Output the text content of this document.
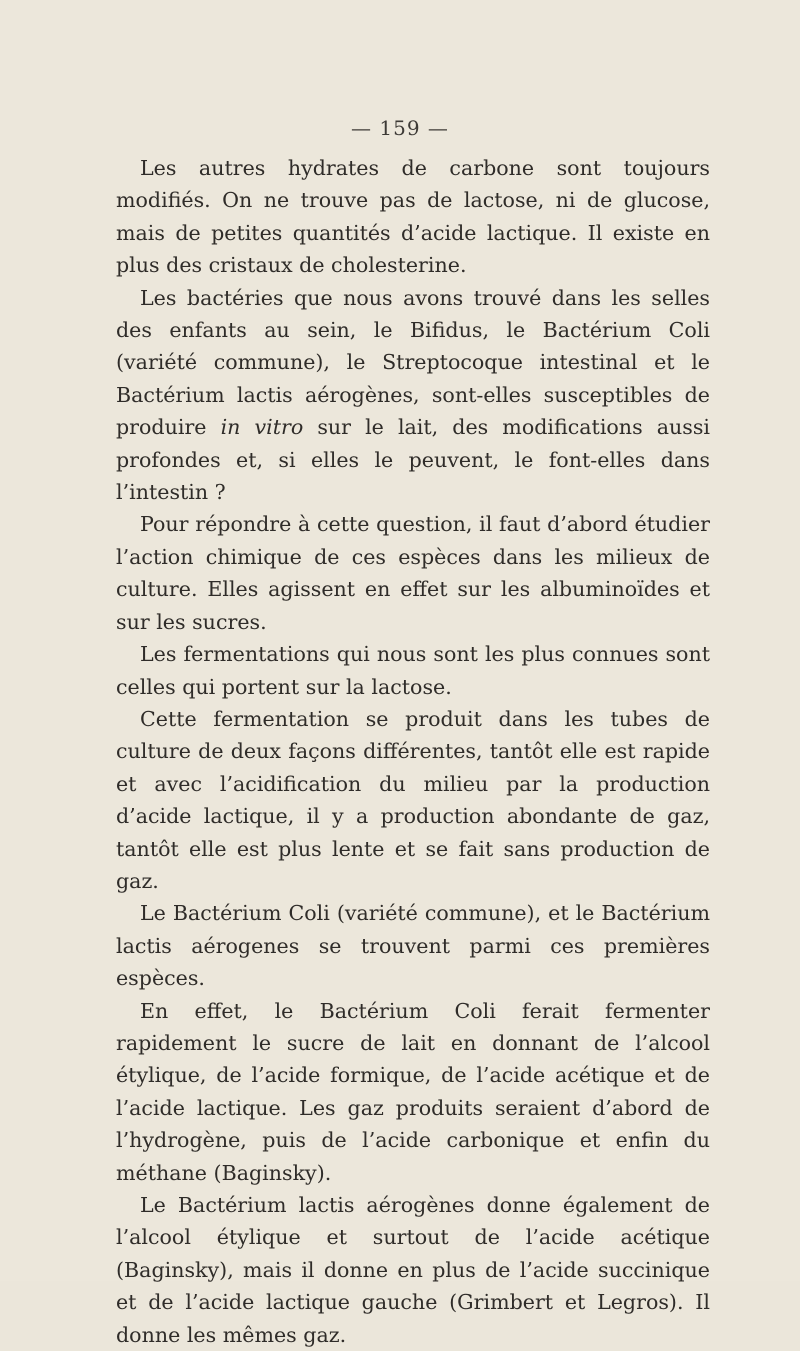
— 159 —

Les autres hydrates de carbone sont toujours modifiés. On ne trouve pas de lactose, ni de glucose, mais de petites quantités d’acide lactique. Il existe en plus des cristaux de cholesterine.

Les bactéries que nous avons trouvé dans les selles des enfants au sein, le Bifidus, le Bactérium Coli (variété commune), le Streptocoque intestinal et le Bactérium lactis aérogènes, sont-elles susceptibles de produire in vitro sur le lait, des modifications aussi profondes et, si elles le peuvent, le font-elles dans l’intestin ?

Pour répondre à cette question, il faut d’abord étudier l’action chimique de ces espèces dans les milieux de culture. Elles agissent en effet sur les albuminoïdes et sur les sucres.

Les fermentations qui nous sont les plus connues sont celles qui portent sur la lactose.

Cette fermentation se produit dans les tubes de culture de deux façons différentes, tantôt elle est rapide et avec l’acidification du milieu par la production d’acide lactique, il y a production abondante de gaz, tantôt elle est plus lente et se fait sans production de gaz.

Le Bactérium Coli (variété commune), et le Bactérium lactis aérogenes se trouvent parmi ces premières espèces.

En effet, le Bactérium Coli ferait fermenter rapidement le sucre de lait en donnant de l’alcool étylique, de l’acide formique, de l’acide acétique et de l’acide lactique. Les gaz produits seraient d’abord de l’hydrogène, puis de l’acide carbonique et enfin du méthane (Baginsky).

Le Bactérium lactis aérogènes donne également de l’alcool étylique et surtout de l’acide acétique (Baginsky), mais il donne en plus de l’acide succinique et de l’acide lactique gauche (Grimbert et Legros). Il donne les mêmes gaz.
